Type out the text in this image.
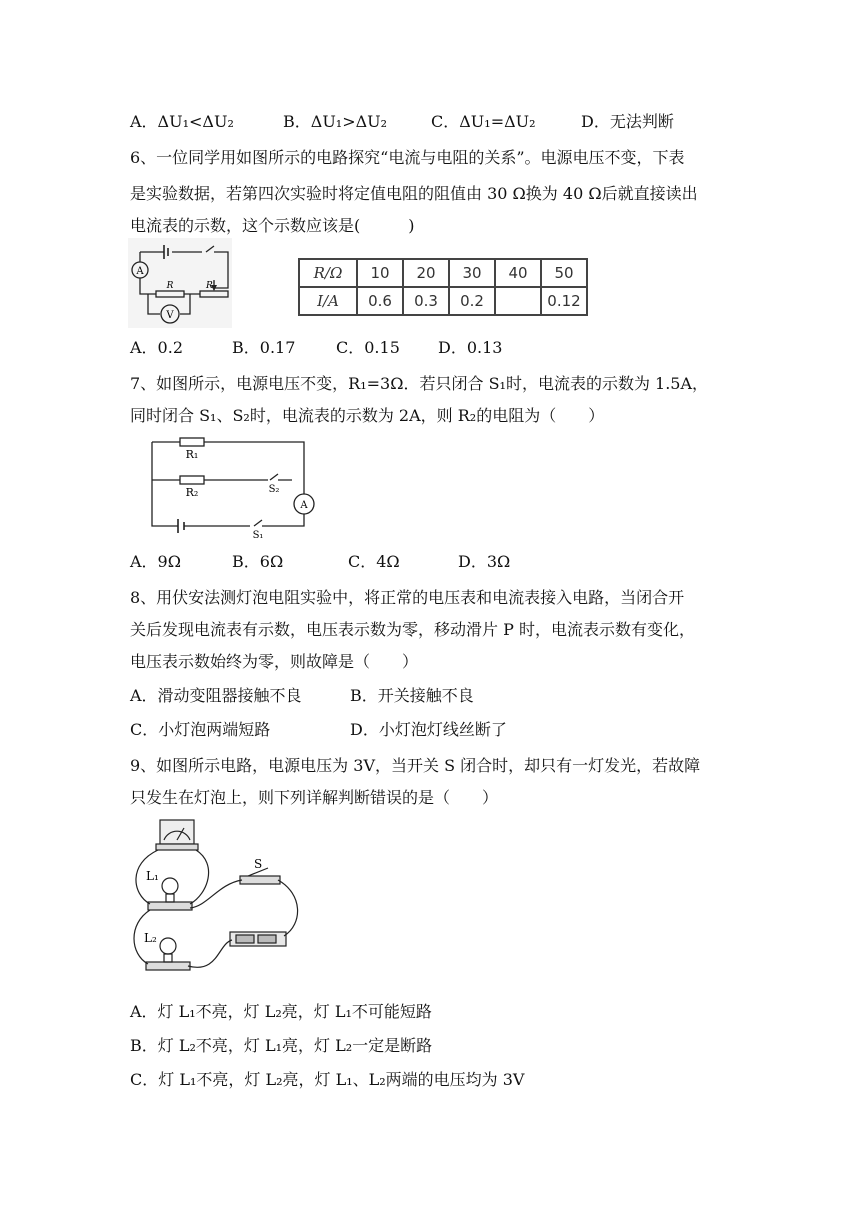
A．ΔU₁<ΔU₂	B．ΔU₁>ΔU₂	C．ΔU₁=ΔU₂	D．无法判断
6、一位同学用如图所示的电路探究“电流与电阻的关系”。电源电压不变，下表
是实验数据，若第四次实验时将定值电阻的阻值由 30 Ω换为 40 Ω后就直接读出
电流表的示数，这个示数应该是(　　　)
A
V
R	R'
R/Ω	10	20	30	40	50
I/A	0.6	0.3	0.2		0.12
A．0.2	B．0.17	C．0.15 D．0.13
7、如图所示，电源电压不变，R₁=3Ω．若只闭合 S₁时，电流表的示数为 1.5A，
同时闭合 S₁、S₂时，电流表的示数为 2A，则 R₂的电阻为（　　）
R₁
R₂	S₂
S₁
A
A．9Ω	B．6Ω	C．4Ω	D．3Ω
8、用伏安法测灯泡电阻实验中，将正常的电压表和电流表接入电路，当闭合开
关后发现电流表有示数，电压表示数为零，移动滑片 P 时，电流表示数有变化，
电压表示数始终为零，则故障是（　　）
A．滑动变阻器接触不良	B．开关接触不良
C．小灯泡两端短路	D．小灯泡灯线丝断了
9、如图所示电路，电源电压为 3V，当开关 S 闭合时，却只有一灯发光，若故障
只发生在灯泡上，则下列详解判断错误的是（　　）
S
L₁
L₂
A．灯 L₁不亮，灯 L₂亮，灯 L₁不可能短路
B．灯 L₂不亮，灯 L₁亮，灯 L₂一定是断路
C．灯 L₁不亮，灯 L₂亮，灯 L₁、L₂两端的电压均为 3V
